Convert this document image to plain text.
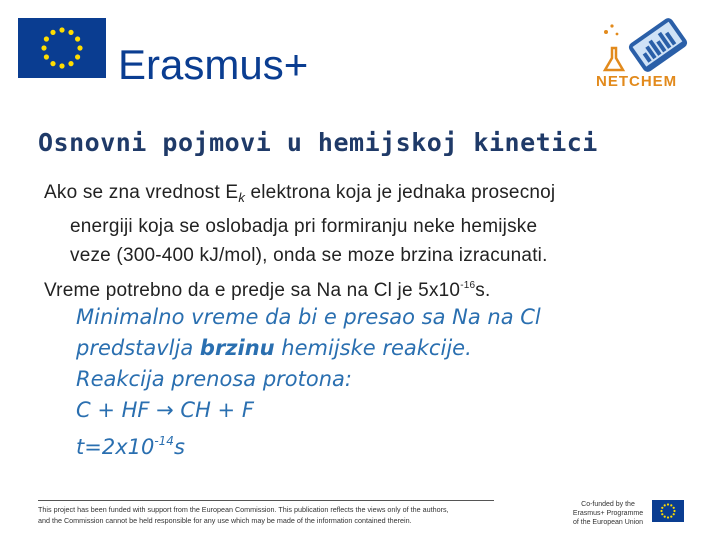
Erasmus+	NETCHEM
Osnovni pojmovi u hemijskoj kinetici
Ako se zna vrednost $E_k$ elektrona koja je jednaka prosecnoj
energiji koja se oslobadja pri formiranju neke hemijske
veze (300-400 kJ/mol), onda se moze brzina izracunati.
Vreme potrebno da e predje sa Na na Cl je $5x10^{-16}s$.
Minimalno vreme da bi e presao sa Na na Cl
predstavlja brzinu hemijske reakcije.
Reakcija prenosa protona:
C + HF → CH + F
$t=2x10^{-14}s$
This project has been funded with support from the European Commission. This publication reflects the views only of the authors,
and the Commission cannot be held responsible for any use which may be made of the information contained therein.
Co-funded by the
Erasmus+ Programme
of the European Union
